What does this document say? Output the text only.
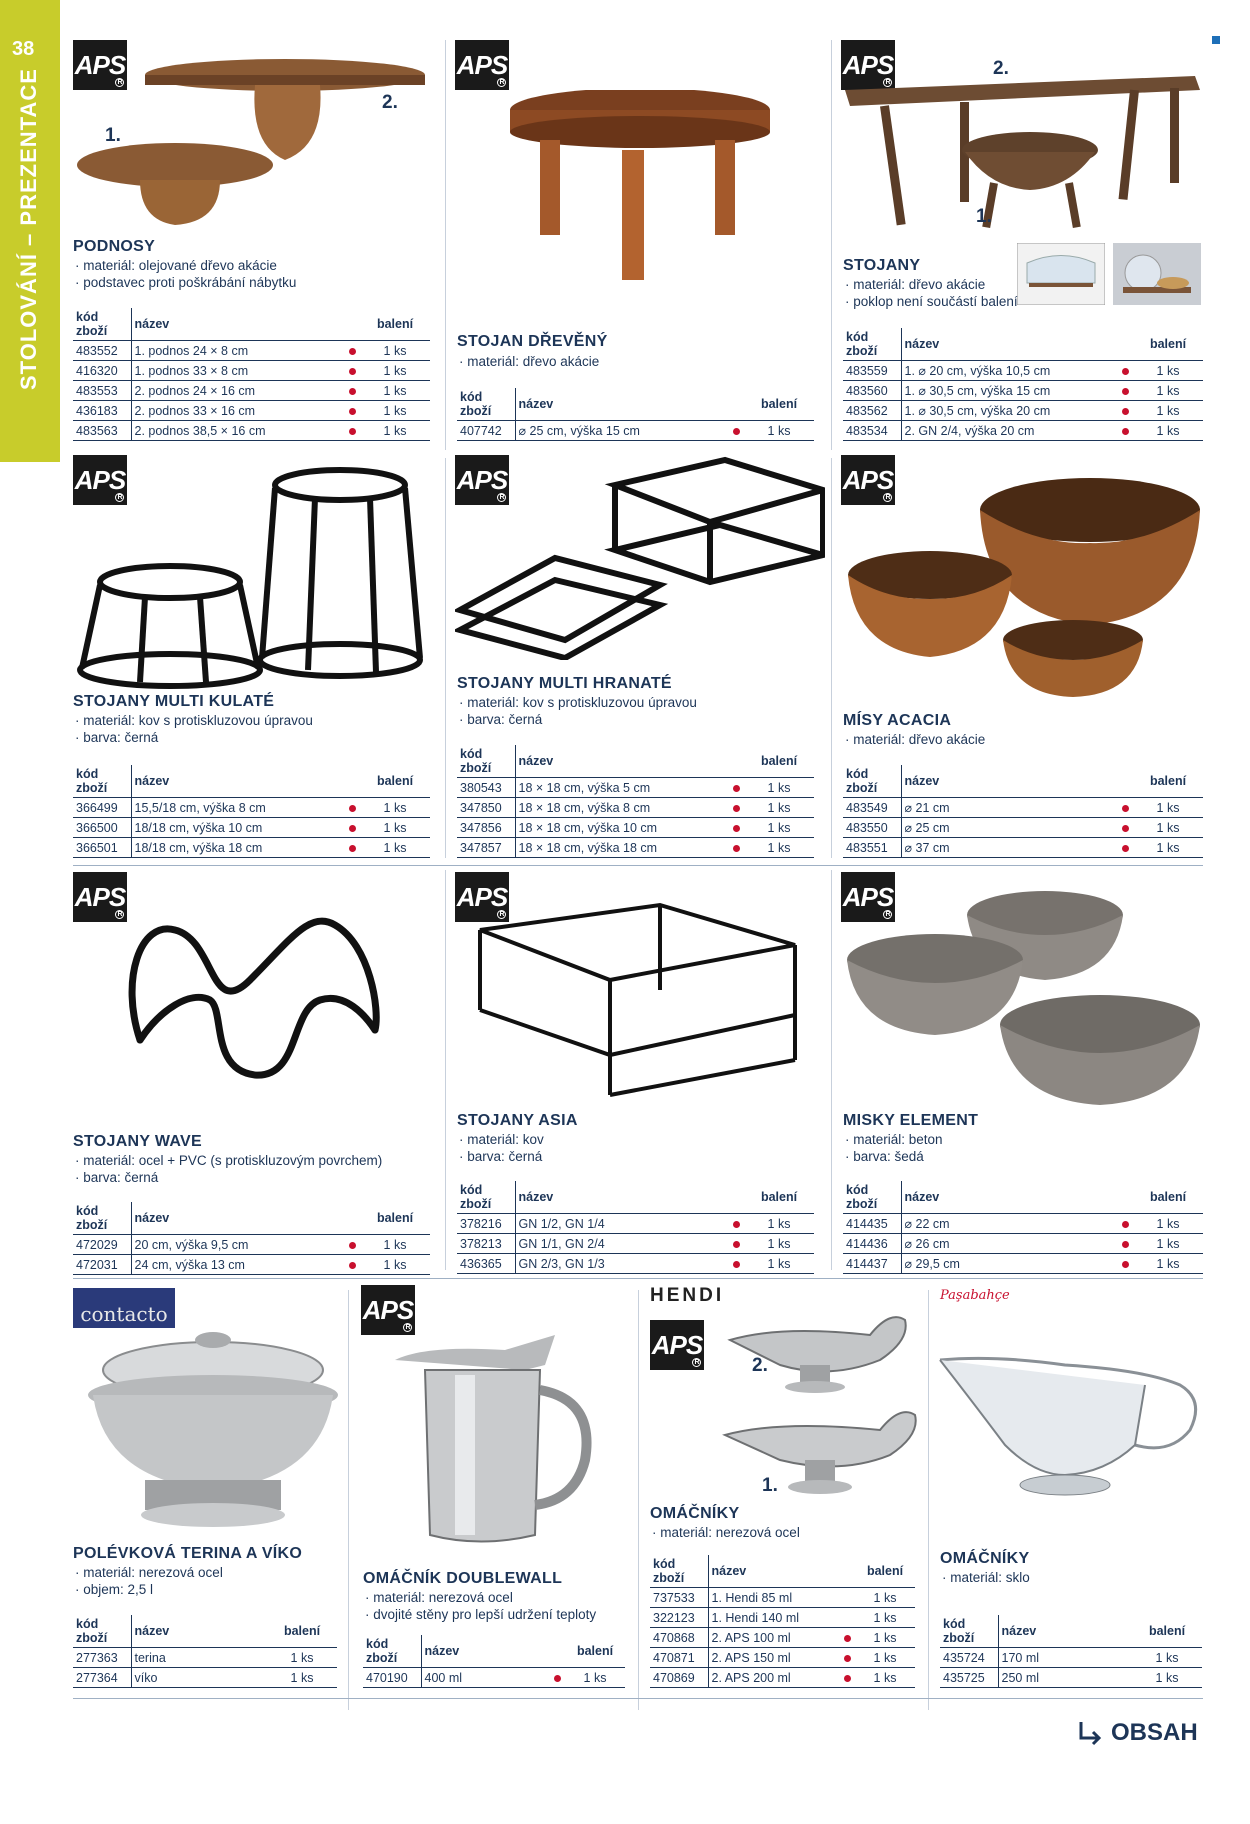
38
STOLOVÁNÍ – PREZENTACE
APS
R
1.
2.
PODNOSY
· materiál: olejované dřevo akácie
· podstavec proti poškrábání nábytku
kód zboží	název		balení
483552	1. podnos 24 × 8 cm		1 ks
416320	1. podnos 33 × 8 cm		1 ks
483553	2. podnos 24 × 16 cm		1 ks
436183	2. podnos 33 × 16 cm		1 ks
483563	2. podnos 38,5 × 16 cm		1 ks
APS
R
STOJAN DŘEVĚNÝ
· materiál: dřevo akácie
kód zboží	název		balení
407742	⌀ 25 cm, výška 15 cm		1 ks
APS
R
2.
1.
STOJANY
· materiál: dřevo akácie
· poklop není součástí balení
kód zboží	název		balení
483559	1. ⌀ 20 cm, výška 10,5 cm		1 ks
483560	1. ⌀ 30,5 cm, výška 15 cm		1 ks
483562	1. ⌀ 30,5 cm, výška 20 cm		1 ks
483534	2. GN 2/4, výška 20 cm		1 ks
APS
R
STOJANY MULTI KULATÉ
· materiál: kov s protiskluzovou úpravou
· barva: černá
kód zboží	název		balení
366499	15,5/18 cm, výška 8 cm		1 ks
366500	18/18 cm, výška 10 cm		1 ks
366501	18/18 cm, výška 18 cm		1 ks
APS
R
STOJANY MULTI HRANATÉ
· materiál: kov s protiskluzovou úpravou
· barva: černá
kód zboží	název		balení
380543	18 × 18 cm, výška 5 cm		1 ks
347850	18 × 18 cm, výška 8 cm		1 ks
347856	18 × 18 cm, výška 10 cm		1 ks
347857	18 × 18 cm, výška 18 cm		1 ks
APS
R
MÍSY ACACIA
· materiál: dřevo akácie
kód zboží	název		balení
483549	⌀ 21 cm		1 ks
483550	⌀ 25 cm		1 ks
483551	⌀ 37 cm		1 ks
APS
R
STOJANY WAVE
· materiál: ocel + PVC (s protiskluzovým povrchem)
· barva: černá
kód zboží	název		balení
472029	20 cm, výška 9,5 cm		1 ks
472031	24 cm, výška 13 cm		1 ks
APS
R
STOJANY ASIA
· materiál: kov
· barva: černá
kód zboží	název		balení
378216	GN 1/2, GN 1/4		1 ks
378213	GN 1/1, GN 2/4		1 ks
436365	GN 2/3, GN 1/3		1 ks
APS
R
MISKY ELEMENT
· materiál: beton
· barva: šedá
kód zboží	název		balení
414435	⌀ 22 cm		1 ks
414436	⌀ 26 cm		1 ks
414437	⌀ 29,5 cm		1 ks
contacto
POLÉVKOVÁ TERINA A VÍKO
· materiál: nerezová ocel
· objem: 2,5 l
kód zboží	název	balení
277363	terina	1 ks
277364	víko	1 ks
APS
R
OMÁČNÍK DOUBLEWALL
· materiál: nerezová ocel
· dvojité stěny pro lepší udržení teploty
kód zboží	název		balení
470190	400 ml		1 ks
HENDI
APS
R	2.
1.
OMÁČNÍKY
· materiál: nerezová ocel
kód zboží	název		balení
737533	1. Hendi 85 ml		1 ks
322123	1. Hendi 140 ml		1 ks
470868	2. APS 100 ml		1 ks
470871	2. APS 150 ml		1 ks
470869	2. APS 200 ml		1 ks
Paşabahçe
OMÁČNÍKY
· materiál: sklo
kód zboží	název	balení
435724	170 ml	1 ks
435725	250 ml	1 ks
OBSAH
